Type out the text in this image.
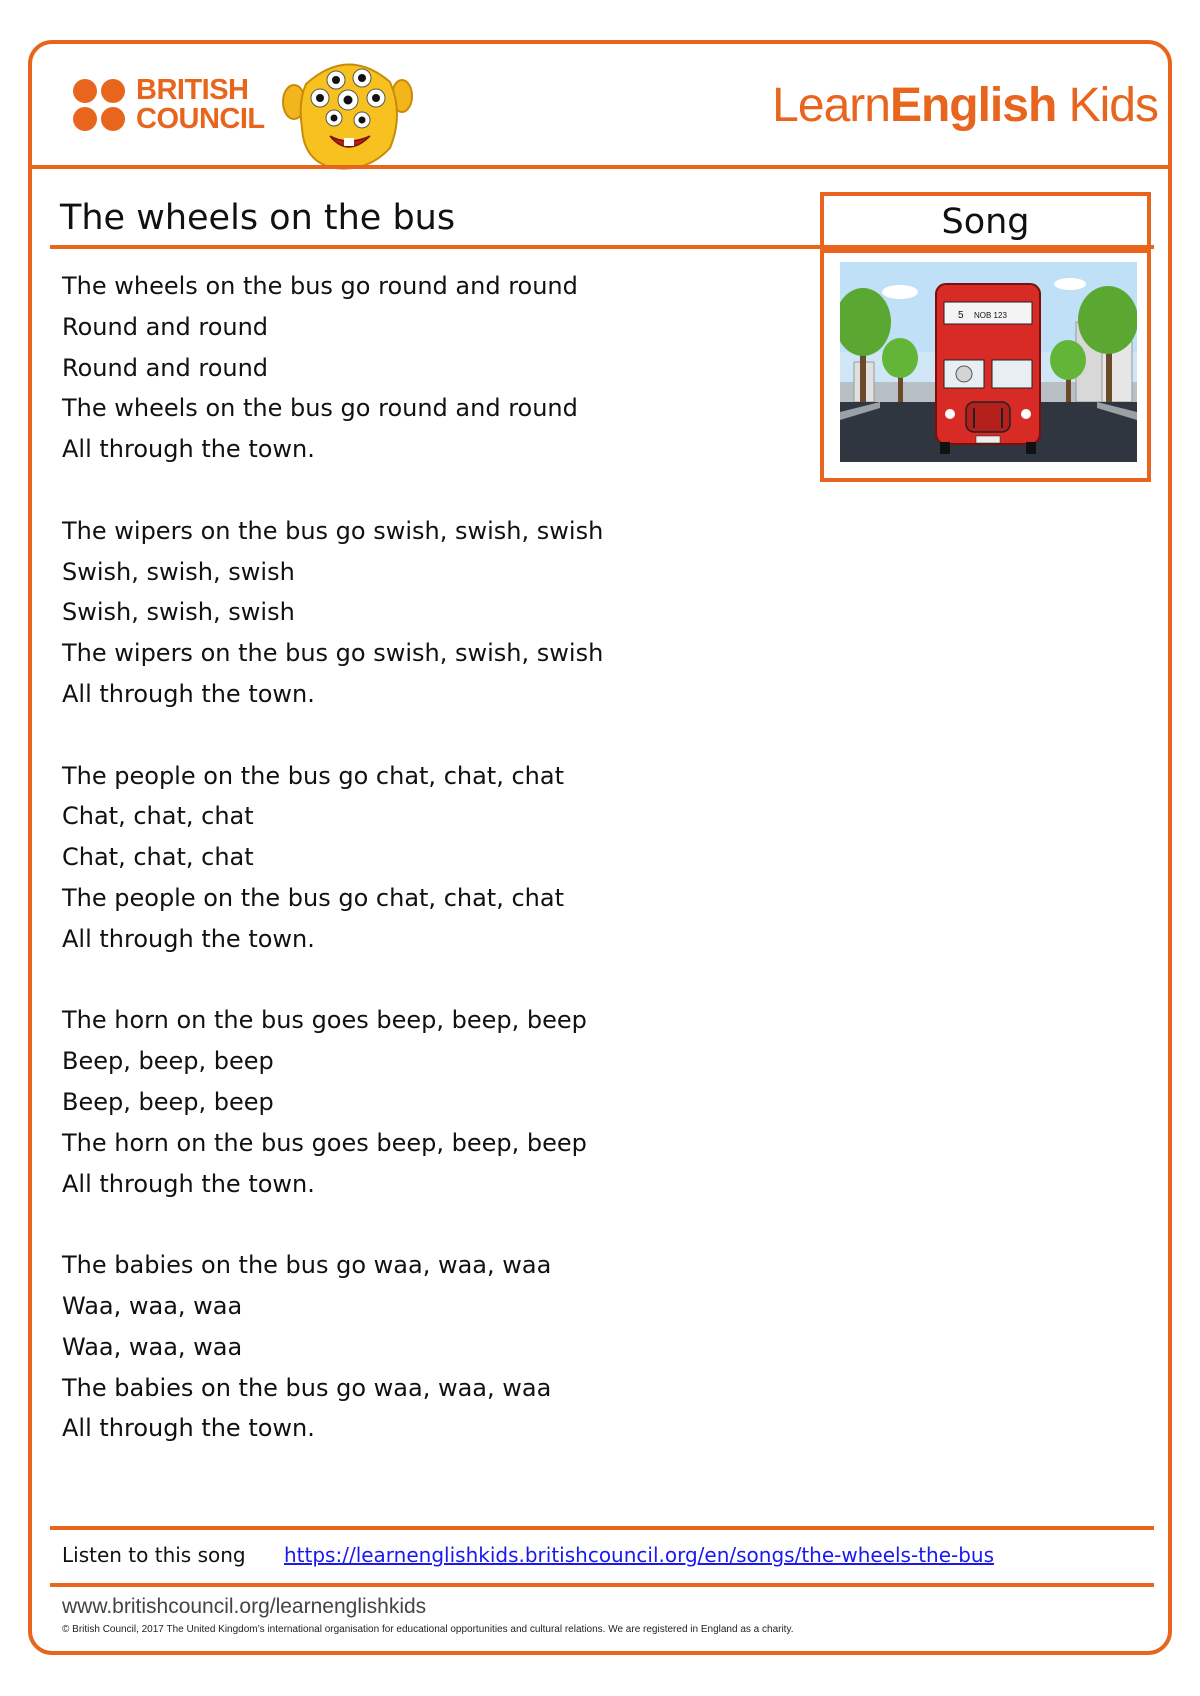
BRITISH
COUNCIL	LearnEnglish Kids
The wheels on the bus	Song
5 NOB 123
The wheels on the bus go round and round
Round and round
Round and round
The wheels on the bus go round and round
All through the town.
The wipers on the bus go swish, swish, swish
Swish, swish, swish
Swish, swish, swish
The wipers on the bus go swish, swish, swish
All through the town.
The people on the bus go chat, chat, chat
Chat, chat, chat
Chat, chat, chat
The people on the bus go chat, chat, chat
All through the town.
The horn on the bus goes beep, beep, beep
Beep, beep, beep
Beep, beep, beep
The horn on the bus goes beep, beep, beep
All through the town.
The babies on the bus go waa, waa, waa
Waa, waa, waa
Waa, waa, waa
The babies on the bus go waa, waa, waa
All through the town.
Listen to this song https://learnenglishkids.britishcouncil.org/en/songs/the-wheels-the-bus
www.britishcouncil.org/learnenglishkids
© British Council, 2017 The United Kingdom’s international organisation for educational opportunities and cultural relations. We are registered in England as a charity.
